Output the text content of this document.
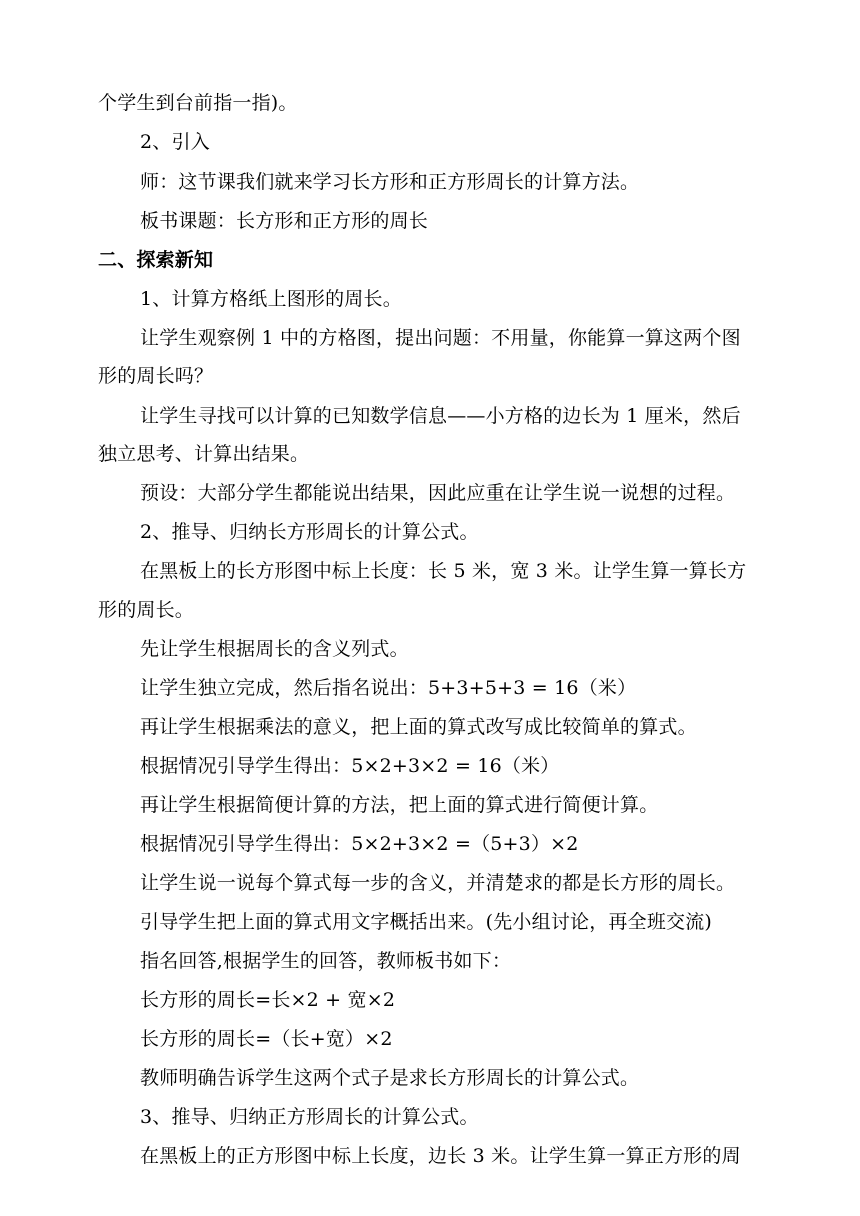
个学生到台前指一指)。
2、引入
师：这节课我们就来学习长方形和正方形周长的计算方法。
板书课题：长方形和正方形的周长
二、探索新知
1、计算方格纸上图形的周长。
让学生观察例 1 中的方格图，提出问题：不用量，你能算一算这两个图
形的周长吗？
让学生寻找可以计算的已知数学信息——小方格的边长为 1 厘米，然后
独立思考、计算出结果。
预设：大部分学生都能说出结果，因此应重在让学生说一说想的过程。
2、推导、归纳长方形周长的计算公式。
在黑板上的长方形图中标上长度：长 5 米，宽 3 米。让学生算一算长方
形的周长。
先让学生根据周长的含义列式。
让学生独立完成，然后指名说出：5+3+5+3 = 16（米）
再让学生根据乘法的意义，把上面的算式改写成比较简单的算式。
根据情况引导学生得出：5×2+3×2 = 16（米）
再让学生根据简便计算的方法，把上面的算式进行简便计算。
根据情况引导学生得出：5×2+3×2 =（5+3）×2
让学生说一说每个算式每一步的含义，并清楚求的都是长方形的周长。
引导学生把上面的算式用文字概括出来。(先小组讨论，再全班交流)
指名回答,根据学生的回答，教师板书如下：
长方形的周长=长×2 + 宽×2
长方形的周长=（长+宽）×2
教师明确告诉学生这两个式子是求长方形周长的计算公式。
3、推导、归纳正方形周长的计算公式。
在黑板上的正方形图中标上长度，边长 3 米。让学生算一算正方形的周
